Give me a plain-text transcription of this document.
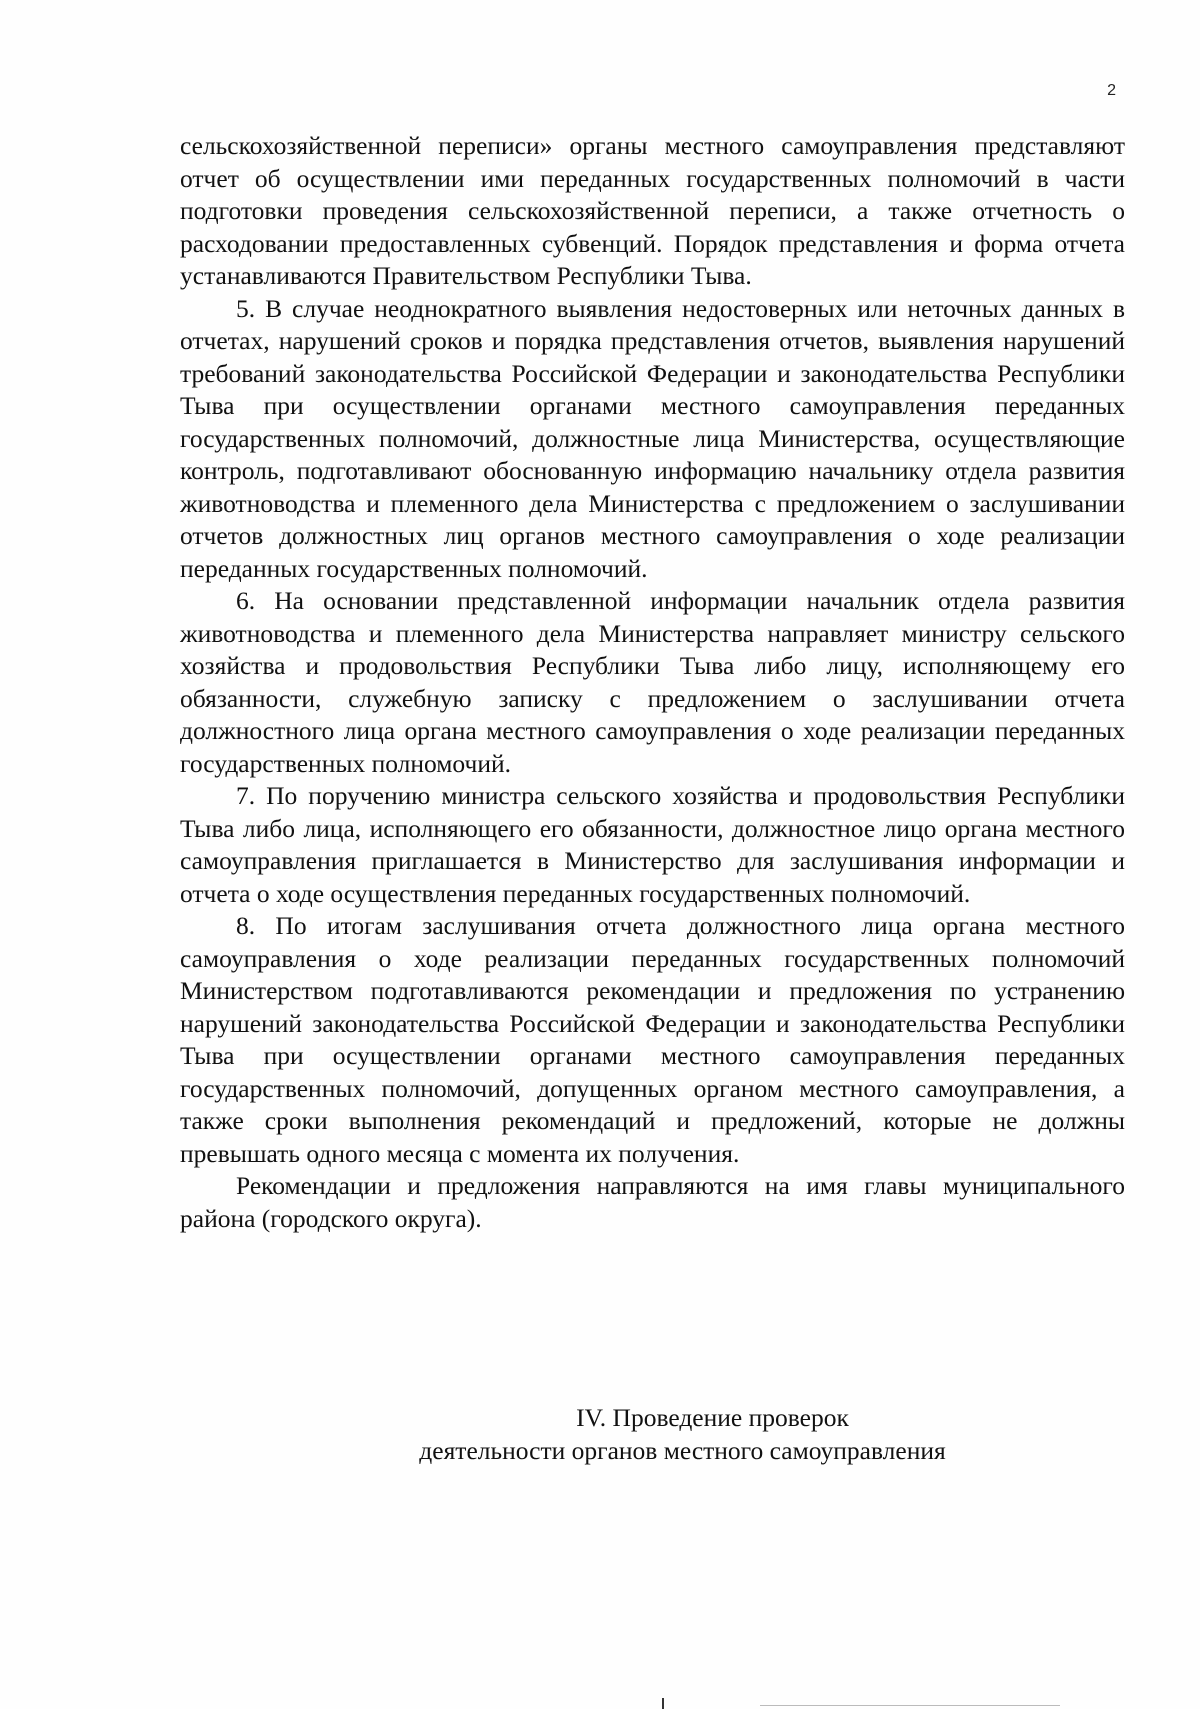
2

сельскохозяйственной переписи» органы местного самоуправления представляют отчет об осуществлении ими переданных государственных полномочий в части подготовки проведения сельскохозяйственной переписи, а также отчетность о расходовании предоставленных субвенций. Порядок представления и форма отчета устанавливаются Правительством Республики Тыва.

5. В случае неоднократного выявления недостоверных или неточных данных в отчетах, нарушений сроков и порядка представления отчетов, выявления нарушений требований законодательства Российской Федерации и законодательства Республики Тыва при осуществлении органами местного самоуправления переданных государственных полномочий, должностные лица Министерства, осуществляющие контроль, подготавливают обоснованную информацию начальнику отдела развития животноводства и племенного дела Министерства с предложением о заслушивании отчетов должностных лиц органов местного самоуправления о ходе реализации переданных государственных полномочий.

6. На основании представленной информации начальник отдела развития животноводства и племенного дела Министерства направляет министру сельского хозяйства и продовольствия Республики Тыва либо лицу, исполняющему его обязанности, служебную записку с предложением о заслушивании отчета должностного лица органа местного самоуправления о ходе реализации переданных государственных полномочий.

7. По поручению министра сельского хозяйства и продовольствия Республики Тыва либо лица, исполняющего его обязанности, должностное лицо органа местного самоуправления приглашается в Министерство для заслушивания информации и отчета о ходе осуществления переданных государственных полномочий.

8. По итогам заслушивания отчета должностного лица органа местного самоуправления о ходе реализации переданных государственных полномочий Министерством подготавливаются рекомендации и предложения по устранению нарушений законодательства Российской Федерации и законодательства Республики Тыва при осуществлении органами местного самоуправления переданных государственных полномочий, допущенных органом местного самоуправления, а также сроки выполнения рекомендаций и предложений, которые не должны превышать одного месяца с момента их получения.

Рекомендации и предложения направляются на имя главы муниципального района (городского округа).

IV. Проведение проверок
деятельности органов местного самоуправления
